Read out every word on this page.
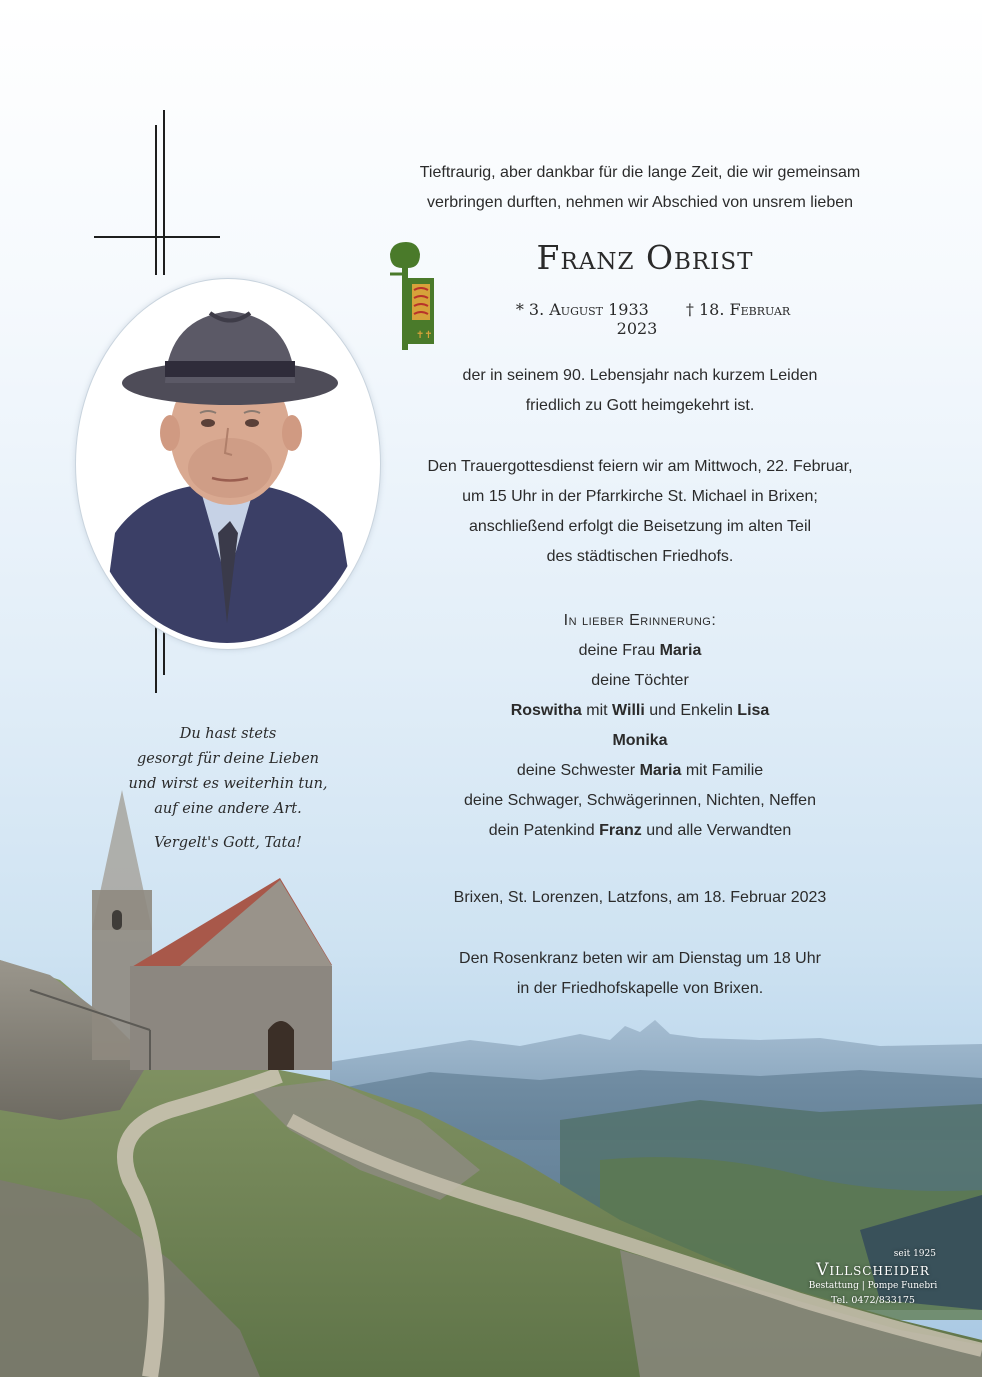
✝✝
Tieftraurig, aber dankbar für die lange Zeit, die wir gemeinsam
verbringen durften, nehmen wir Abschied von unsrem lieben
Franz Obrist
* 3. August 1933 † 18. Februar 2023
der in seinem 90. Lebensjahr nach kurzem Leiden
friedlich zu Gott heimgekehrt ist.
Den Trauergottesdienst feiern wir am Mittwoch, 22. Februar,
um 15 Uhr in der Pfarrkirche St. Michael in Brixen;
anschließend erfolgt die Beisetzung im alten Teil
des städtischen Friedhofs.
In lieber Erinnerung:
deine Frau Maria
deine Töchter
Roswitha mit Willi und Enkelin Lisa
Monika
deine Schwester Maria mit Familie
deine Schwager, Schwägerinnen, Nichten, Neffen
dein Patenkind Franz und alle Verwandten
Brixen, St. Lorenzen, Latzfons, am 18. Februar 2023
Den Rosenkranz beten wir am Dienstag um 18 Uhr
in der Friedhofskapelle von Brixen.
Du hast stets
gesorgt für deine Lieben
und wirst es weiterhin tun,
auf eine andere Art.
Vergelt's Gott, Tata!
seit 1925
Villscheider
Bestattung | Pompe Funebri
Tel. 0472/833175
